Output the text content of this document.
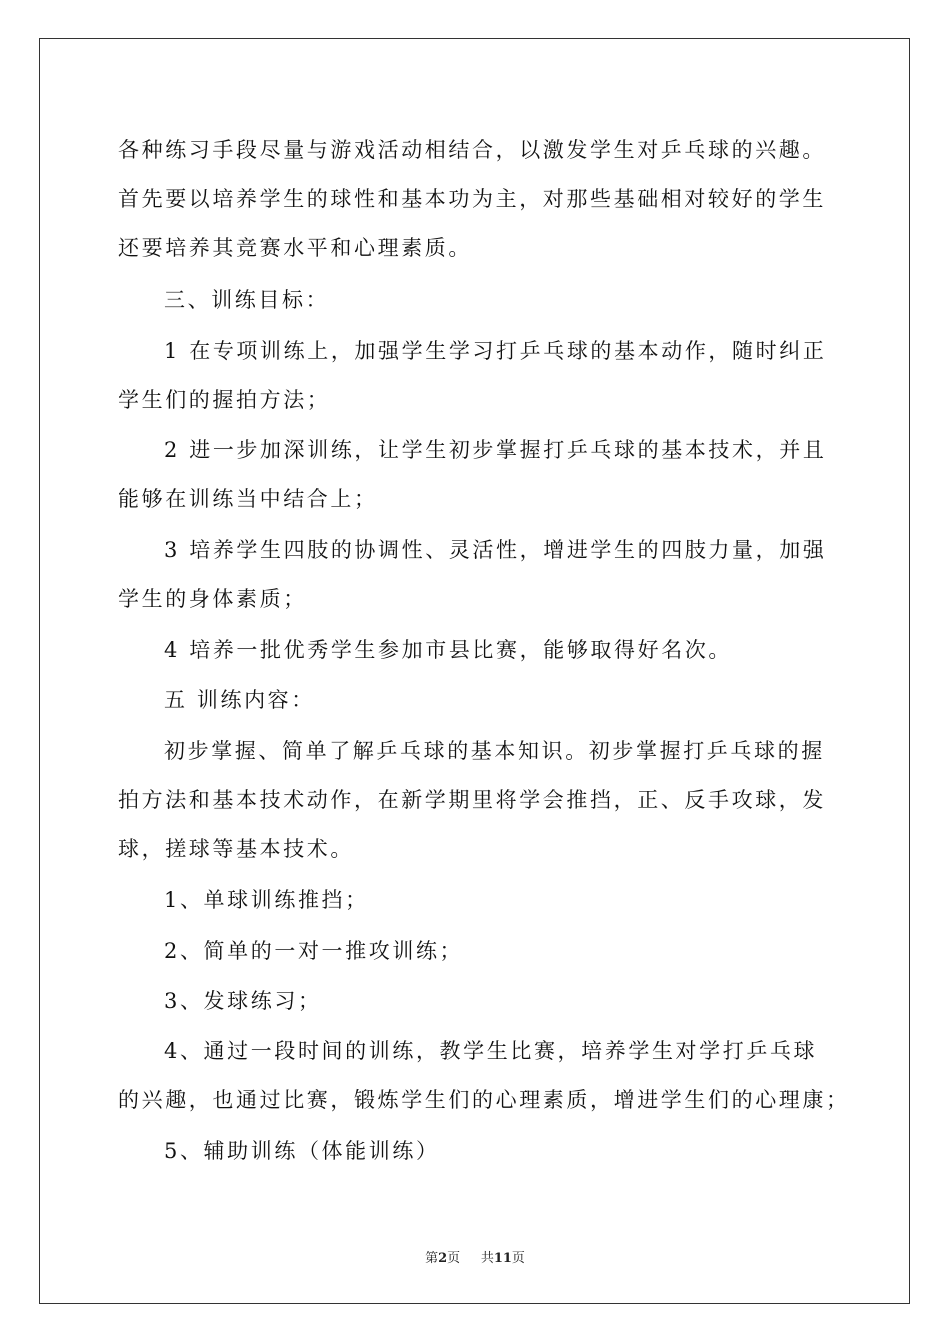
各种练习手段尽量与游戏活动相结合，以激发学生对乒乓球的兴趣。
首先要以培养学生的球性和基本功为主，对那些基础相对较好的学生
还要培养其竞赛水平和心理素质。
三、训练目标：
1 在专项训练上，加强学生学习打乒乓球的基本动作，随时纠正
学生们的握拍方法；
2 进一步加深训练，让学生初步掌握打乒乓球的基本技术，并且
能够在训练当中结合上；
3 培养学生四肢的协调性、灵活性，增进学生的四肢力量，加强
学生的身体素质；
4 培养一批优秀学生参加市县比赛，能够取得好名次。
五 训练内容：
初步掌握、简单了解乒乓球的基本知识。初步掌握打乒乓球的握
拍方法和基本技术动作，在新学期里将学会推挡，正、反手攻球，发
球，搓球等基本技术。
1、单球训练推挡；
2、简单的一对一推攻训练；
3、发球练习；
4、通过一段时间的训练，教学生比赛，培养学生对学打乒乓球
的兴趣，也通过比赛，锻炼学生们的心理素质，增进学生们的心理康；
5、辅助训练（体能训练）
第2页 共11页
